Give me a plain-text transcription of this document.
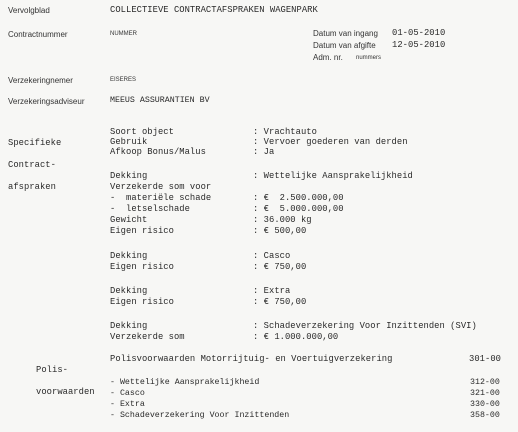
Vervolgblad	COLLECTIEVE CONTRACTAFSPRAKEN WAGENPARK
Contractnummer	NUMMER	Datum van ingang 01-05-2010
Datum van afgifte 12-05-2010
Adm. nr. nummers
Verzekeringnemer	EISERES
Verzekeringsadviseur	MEEUS ASSURANTIEN BV

Specifieke

Contract-

afspraken

Soort object	: Vrachtauto
Gebruik	: Vervoer goederen van derden
Afkoop Bonus/Malus	: Ja
Dekking	: Wettelijke Aansprakelijkheid
Verzekerde som voor
-  materiële schade	: €  2.500.000,00
-  letselschade	: €  5.000.000,00
Gewicht	: 36.000 kg
Eigen risico	: € 500,00
Dekking	: Casco
Eigen risico	: € 750,00
Dekking	: Extra
Eigen risico	: € 750,00
Dekking	: Schadeverzekering Voor Inzittenden (SVI)
Verzekerde som	: € 1.000.000,00

Polis-

voorwaarden

Polisvoorwaarden Motorrijtuig- en Voertuigverzekering	301-00
- Wettelijke Aansprakelijkheid	312-00
- Casco	321-00
- Extra	330-00
- Schadeverzekering Voor Inzittenden	358-00
